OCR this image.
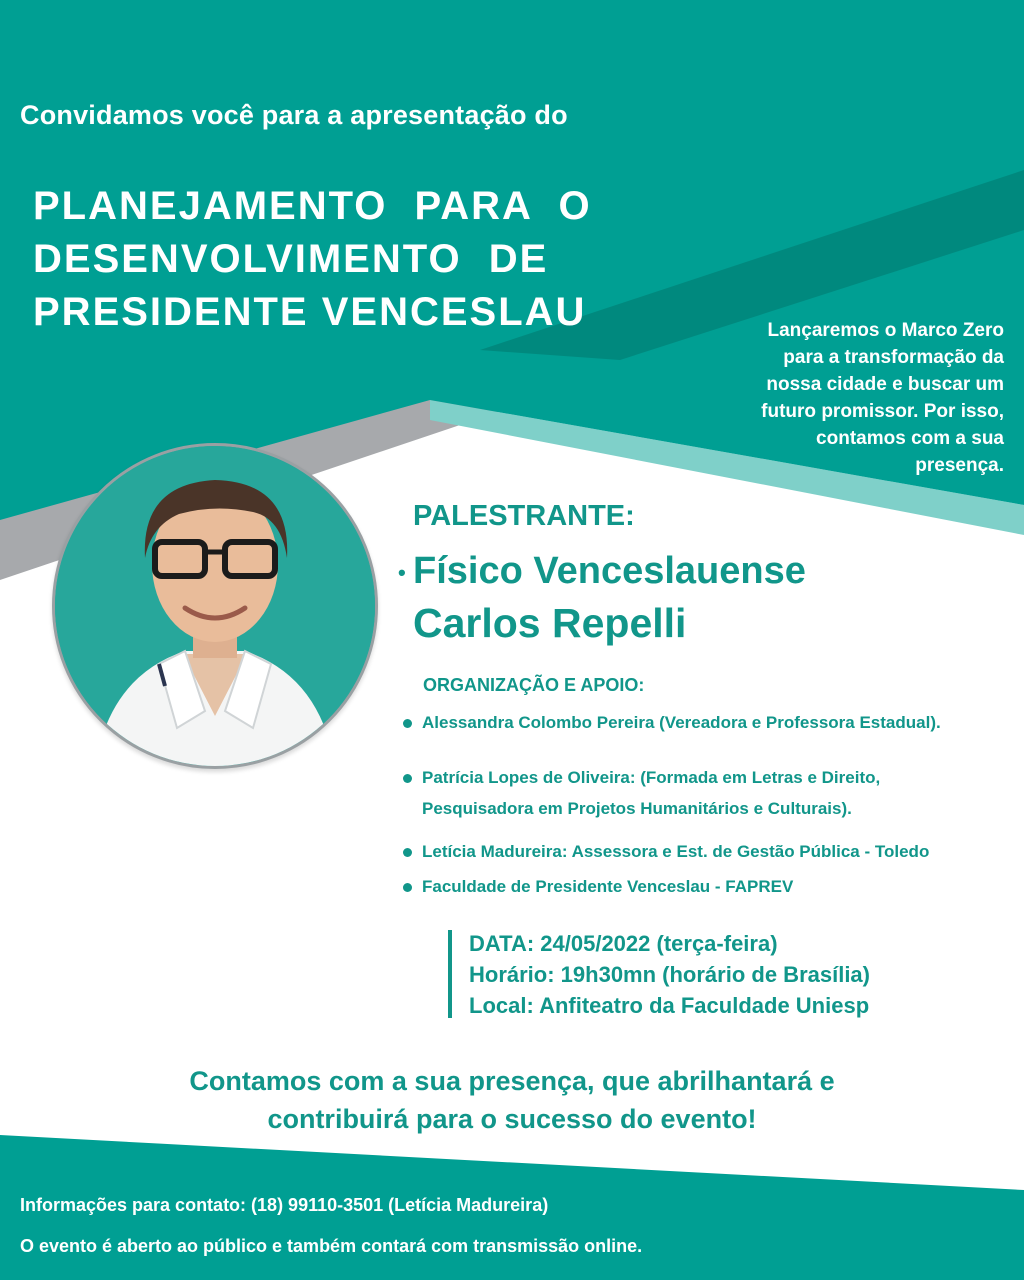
Convidamos você para a apresentação do
PLANEJAMENTO PARA O
DESENVOLVIMENTO DE
PRESIDENTE VENCESLAU	Lançaremos o Marco Zero
para a transformação da
nossa cidade e buscar um
futuro promissor. Por isso,
contamos com a sua
presença.
PALESTRANTE:
• Físico Venceslauense
Carlos Repelli
ORGANIZAÇÃO E APOIO:
Alessandra Colombo Pereira (Vereadora e Professora Estadual).
Patrícia Lopes de Oliveira: (Formada em Letras e Direito,
Pesquisadora em Projetos Humanitários e Culturais).
Letícia Madureira: Assessora e Est. de Gestão Pública - Toledo
Faculdade de Presidente Venceslau - FAPREV
DATA: 24/05/2022 (terça-feira)
Horário: 19h30mn (horário de Brasília)
Local: Anfiteatro da Faculdade Uniesp
Contamos com a sua presença, que abrilhantará e
contribuirá para o sucesso do evento!
Informações para contato: (18) 99110-3501 (Letícia Madureira)
O evento é aberto ao público e também contará com transmissão online.
